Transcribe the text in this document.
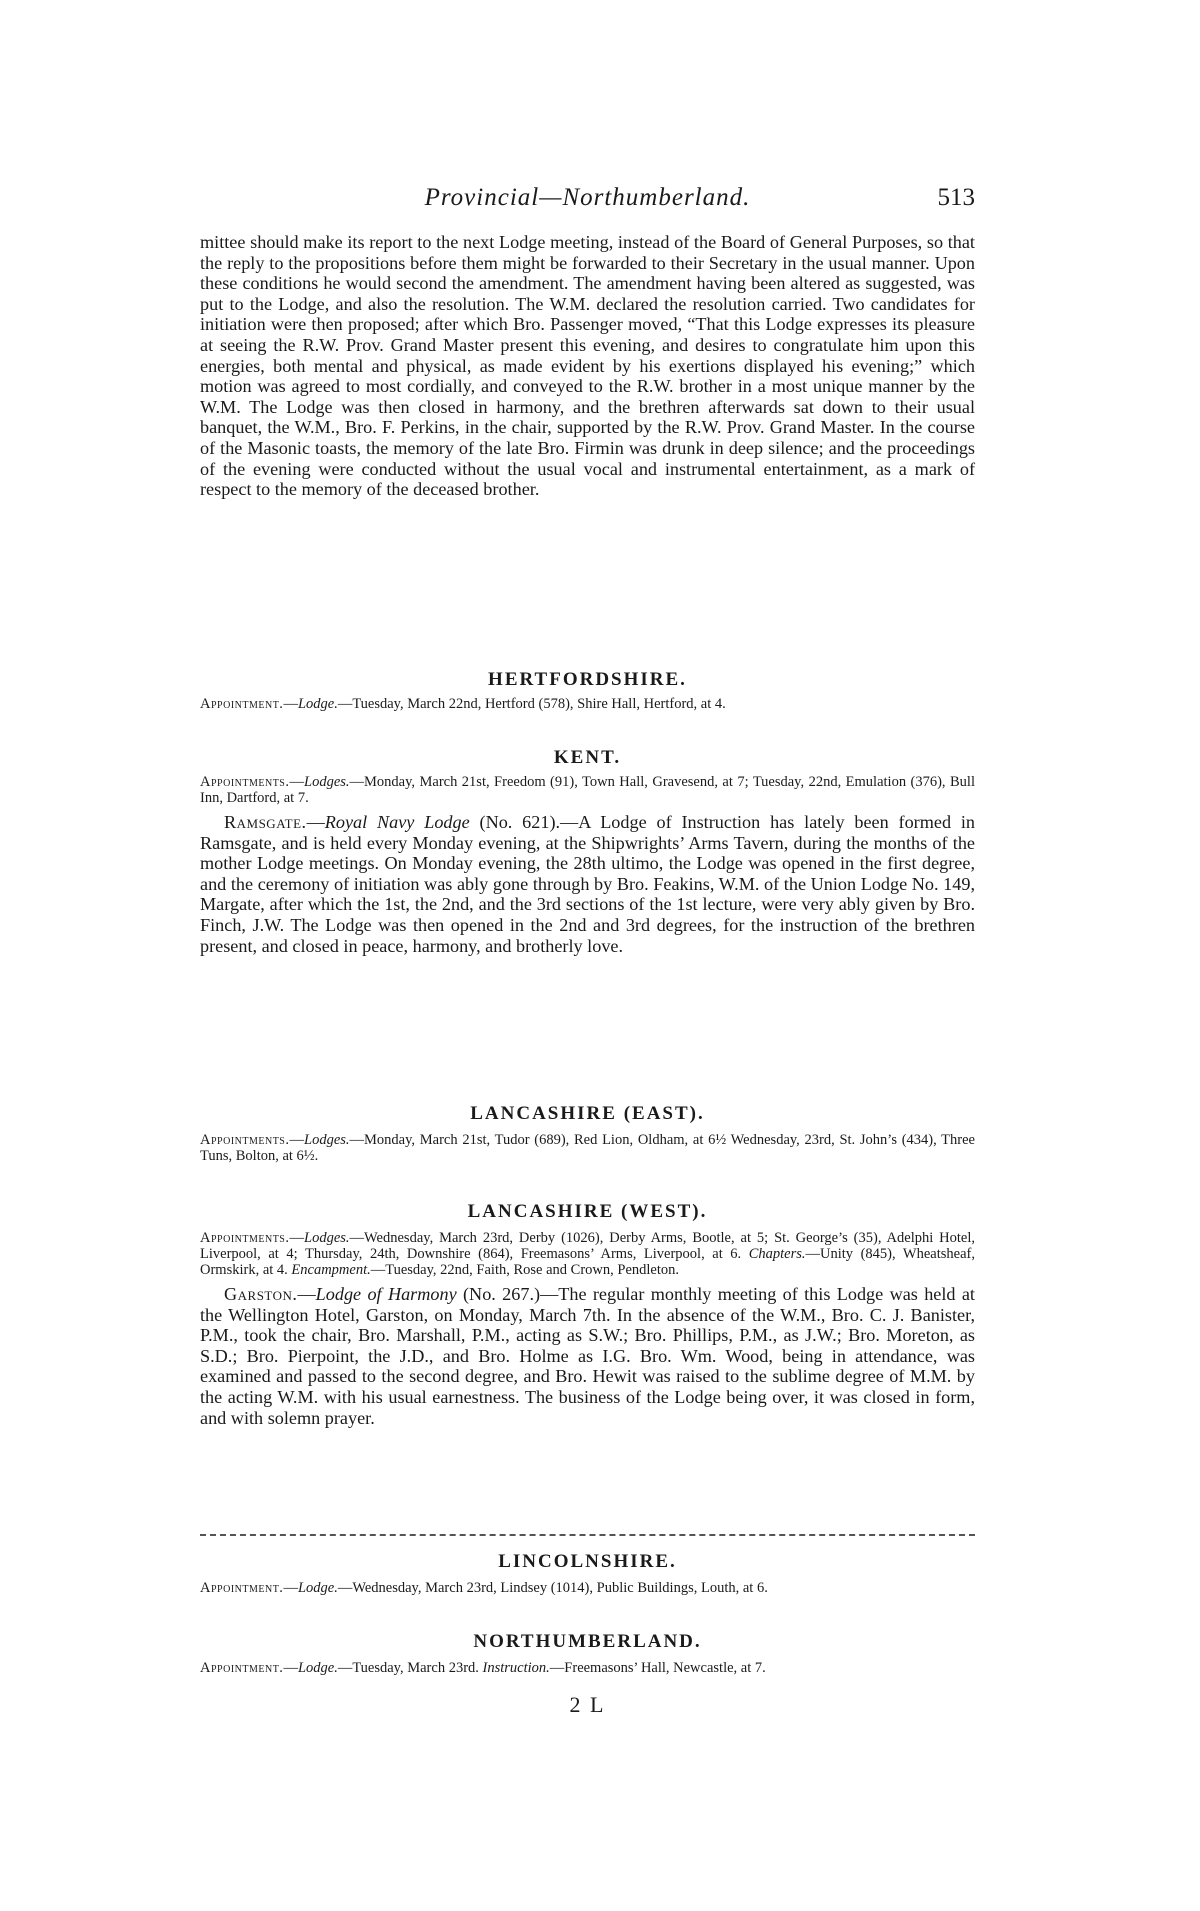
Provincial—Northumberland.	513

mittee should make its report to the next Lodge meeting, instead of the Board of General Purposes, so that the reply to the propositions before them might be forwarded to their Secretary in the usual manner. Upon these conditions he would second the amendment. The amendment having been altered as suggested, was put to the Lodge, and also the resolution. The W.M. declared the resolution carried. Two candidates for initiation were then proposed; after which Bro. Passenger moved, “That this Lodge expresses its pleasure at seeing the R.W. Prov. Grand Master present this evening, and desires to congratulate him upon this energies, both mental and physical, as made evident by his exertions displayed his evening;” which motion was agreed to most cordially, and conveyed to the R.W. brother in a most unique manner by the W.M. The Lodge was then closed in harmony, and the brethren afterwards sat down to their usual banquet, the W.M., Bro. F. Perkins, in the chair, supported by the R.W. Prov. Grand Master. In the course of the Masonic toasts, the memory of the late Bro. Firmin was drunk in deep silence; and the proceedings of the evening were conducted without the usual vocal and instrumental entertainment, as a mark of respect to the memory of the deceased brother.

HERTFORDSHIRE.

Appointment.—Lodge.—Tuesday, March 22nd, Hertford (578), Shire Hall, Hertford, at 4.

KENT.

Appointments.—Lodges.—Monday, March 21st, Freedom (91), Town Hall, Gravesend, at 7; Tuesday, 22nd, Emulation (376), Bull Inn, Dartford, at 7.

Ramsgate.—Royal Navy Lodge (No. 621).—A Lodge of Instruction has lately been formed in Ramsgate, and is held every Monday evening, at the Shipwrights’ Arms Tavern, during the months of the mother Lodge meetings. On Monday evening, the 28th ultimo, the Lodge was opened in the first degree, and the ceremony of initiation was ably gone through by Bro. Feakins, W.M. of the Union Lodge No. 149, Margate, after which the 1st, the 2nd, and the 3rd sections of the 1st lecture, were very ably given by Bro. Finch, J.W. The Lodge was then opened in the 2nd and 3rd degrees, for the instruction of the brethren present, and closed in peace, harmony, and brotherly love.

LANCASHIRE (EAST).

Appointments.—Lodges.—Monday, March 21st, Tudor (689), Red Lion, Oldham, at 6½ Wednesday, 23rd, St. John’s (434), Three Tuns, Bolton, at 6½.

LANCASHIRE (WEST).

Appointments.—Lodges.—Wednesday, March 23rd, Derby (1026), Derby Arms, Bootle, at 5; St. George’s (35), Adelphi Hotel, Liverpool, at 4; Thursday, 24th, Downshire (864), Freemasons’ Arms, Liverpool, at 6. Chapters.—Unity (845), Wheatsheaf, Ormskirk, at 4. Encampment.—Tuesday, 22nd, Faith, Rose and Crown, Pendleton.

Garston.—Lodge of Harmony (No. 267.)—The regular monthly meeting of this Lodge was held at the Wellington Hotel, Garston, on Monday, March 7th. In the absence of the W.M., Bro. C. J. Banister, P.M., took the chair, Bro. Marshall, P.M., acting as S.W.; Bro. Phillips, P.M., as J.W.; Bro. Moreton, as S.D.; Bro. Pierpoint, the J.D., and Bro. Holme as I.G. Bro. Wm. Wood, being in attendance, was examined and passed to the second degree, and Bro. Hewit was raised to the sublime degree of M.M. by the acting W.M. with his usual earnestness. The business of the Lodge being over, it was closed in form, and with solemn prayer.

LINCOLNSHIRE.

Appointment.—Lodge.—Wednesday, March 23rd, Lindsey (1014), Public Buildings, Louth, at 6.

NORTHUMBERLAND.

Appointment.—Lodge.—Tuesday, March 23rd. Instruction.—Freemasons’ Hall, Newcastle, at 7.

2 L
